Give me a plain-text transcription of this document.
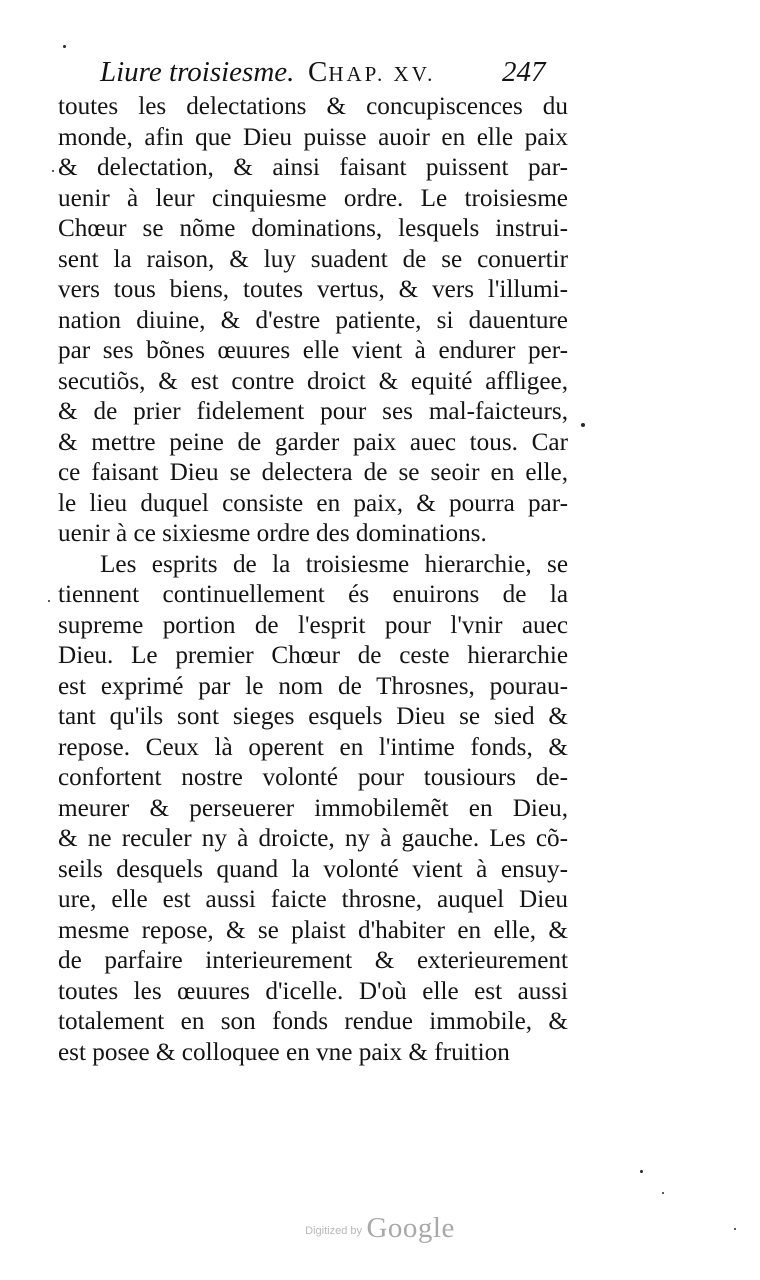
Liure troisiesme. CHAP. XV. 247
toutes les delectations & concupiscences du
monde, afin que Dieu puisse auoir en elle paix
& delectation, & ainsi faisant puissent par-
uenir à leur cinquiesme ordre. Le troisiesme
Chœur se nõme dominations, lesquels instrui-
sent la raison, & luy suadent de se conuertir
vers tous biens, toutes vertus, & vers l'illumi-
nation diuine, & d'estre patiente, si dauenture
par ses bõnes œuures elle vient à endurer per-
secutiõs, & est contre droict & equité affligee,
& de prier fidelement pour ses mal-faicteurs,
& mettre peine de garder paix auec tous. Car
ce faisant Dieu se delectera de se seoir en elle,
le lieu duquel consiste en paix, & pourra par-
uenir à ce sixiesme ordre des dominations.
Les esprits de la troisiesme hierarchie, se
tiennent continuellement és enuirons de la
supreme portion de l'esprit pour l'vnir auec
Dieu. Le premier Chœur de ceste hierarchie
est exprimé par le nom de Throsnes, pourau-
tant qu'ils sont sieges esquels Dieu se sied &
repose. Ceux là operent en l'intime fonds, &
confortent nostre volonté pour tousiours de-
meurer & perseuerer immobilemẽt en Dieu,
& ne reculer ny à droicte, ny à gauche. Les cõ-
seils desquels quand la volonté vient à ensuy-
ure, elle est aussi faicte throsne, auquel Dieu
mesme repose, & se plaist d'habiter en elle, &
de parfaire interieurement & exterieurement
toutes les œuures d'icelle. D'où elle est aussi
totalement en son fonds rendue immobile, &
est posee & colloquee en vne paix & fruition
Digitized by Google
